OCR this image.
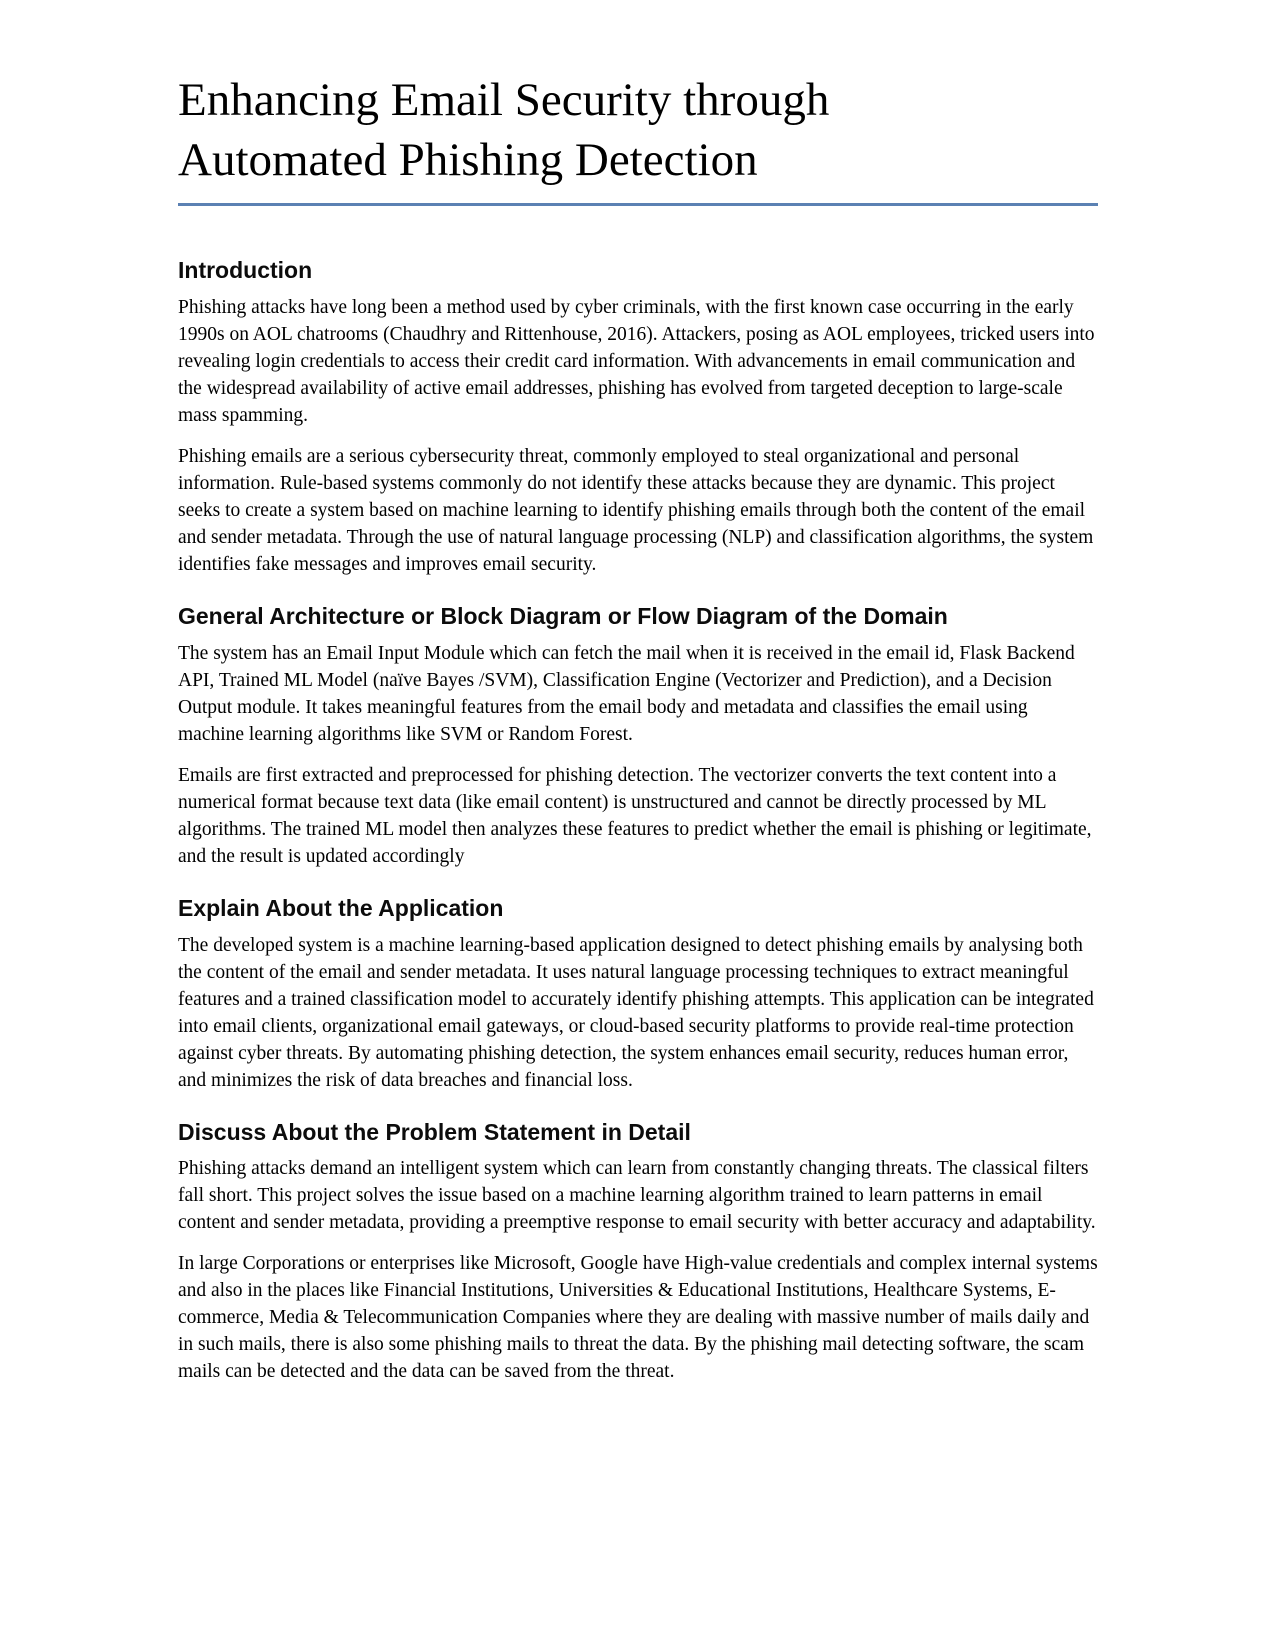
Enhancing Email Security through Automated Phishing Detection
Introduction

Phishing attacks have long been a method used by cyber criminals, with the first known case occurring in the early 1990s on AOL chatrooms (Chaudhry and Rittenhouse, 2016). Attackers, posing as AOL employees, tricked users into revealing login credentials to access their credit card information. With advancements in email communication and the widespread availability of active email addresses, phishing has evolved from targeted deception to large-scale mass spamming.

Phishing emails are a serious cybersecurity threat, commonly employed to steal organizational and personal information. Rule-based systems commonly do not identify these attacks because they are dynamic. This project seeks to create a system based on machine learning to identify phishing emails through both the content of the email and sender metadata. Through the use of natural language processing (NLP) and classification algorithms, the system identifies fake messages and improves email security.

General Architecture or Block Diagram or Flow Diagram of the Domain

The system has an Email Input Module which can fetch the mail when it is received in the email id, Flask Backend API, Trained ML Model (naïve Bayes /SVM), Classification Engine (Vectorizer and Prediction), and a Decision Output module. It takes meaningful features from the email body and metadata and classifies the email using machine learning algorithms like SVM or Random Forest.

Emails are first extracted and preprocessed for phishing detection. The vectorizer converts the text content into a numerical format because text data (like email content) is unstructured and cannot be directly processed by ML algorithms. The trained ML model then analyzes these features to predict whether the email is phishing or legitimate, and the result is updated accordingly

Explain About the Application

The developed system is a machine learning-based application designed to detect phishing emails by analysing both the content of the email and sender metadata. It uses natural language processing techniques to extract meaningful features and a trained classification model to accurately identify phishing attempts. This application can be integrated into email clients, organizational email gateways, or cloud-based security platforms to provide real-time protection against cyber threats. By automating phishing detection, the system enhances email security, reduces human error, and minimizes the risk of data breaches and financial loss.

Discuss About the Problem Statement in Detail

Phishing attacks demand an intelligent system which can learn from constantly changing threats. The classical filters fall short. This project solves the issue based on a machine learning algorithm trained to learn patterns in email content and sender metadata, providing a preemptive response to email security with better accuracy and adaptability.

In large Corporations or enterprises like Microsoft, Google have High-value credentials and complex internal systems and also in the places like Financial Institutions, Universities & Educational Institutions, Healthcare Systems, E-commerce, Media & Telecommunication Companies where they are dealing with massive number of mails daily and in such mails, there is also some phishing mails to threat the data. By the phishing mail detecting software, the scam mails can be detected and the data can be saved from the threat.
